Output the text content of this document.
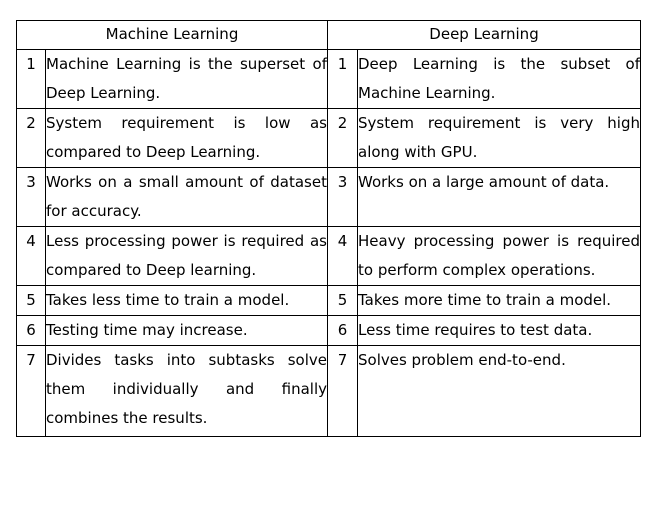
Machine Learning		Deep Learning	
1	Machine Learning is the superset of Deep Learning.	1	Deep Learning is the subset of Machine Learning.
2	System requirement is low as compared to Deep Learning.	2	System requirement is very high along with GPU.
3	Works on a small amount of dataset for accuracy.	3	Works on a large amount of data.
4	Less processing power is required as compared to Deep learning.	4	Heavy processing power is required to perform complex operations.
5	Takes less time to train a model.	5	Takes more time to train a model.
6	Testing time may increase.	6	Less time requires to test data.
7	Divides tasks into subtasks solve them individually and finally combines the results.	7	Solves problem end-to-end.
